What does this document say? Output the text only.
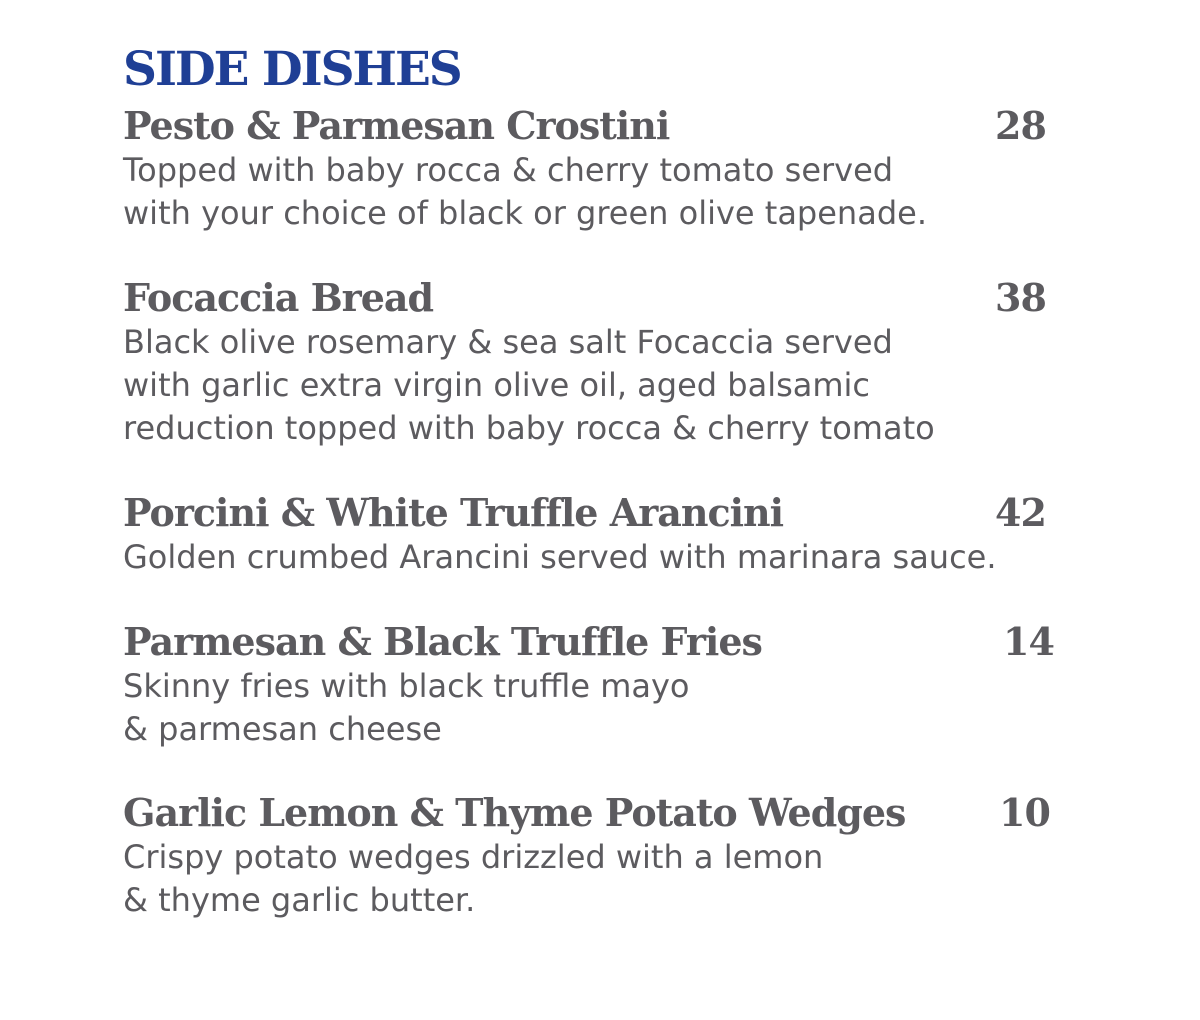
SIDE DISHES
Pesto & Parmesan Crostini	28

Topped with baby rocca & cherry tomato served
with your choice of black or green olive tapenade.

Focaccia Bread	38

Black olive rosemary & sea salt Focaccia served
with garlic extra virgin olive oil, aged balsamic
reduction topped with baby rocca & cherry tomato

Porcini & White Truffle Arancini	42

Golden crumbed Arancini served with marinara sauce.

Parmesan & Black Truffle Fries	14

Skinny fries with black truffle mayo
& parmesan cheese

Garlic Lemon & Thyme Potato Wedges 10

Crispy potato wedges drizzled with a lemon
& thyme garlic butter.
